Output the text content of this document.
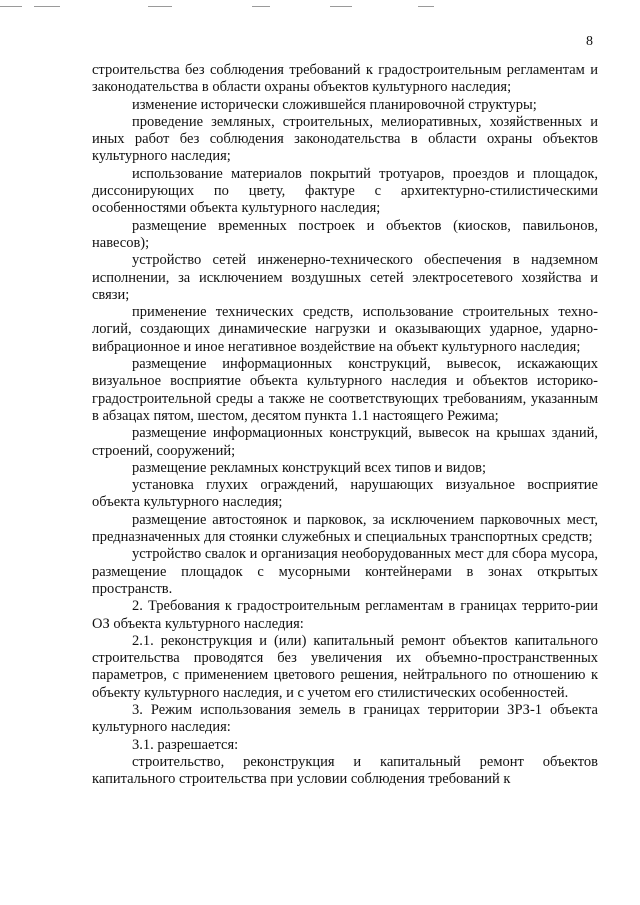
8

строительства без соблюдения требований к градостроительным регламентам и законодательства в области охраны объектов культурного наследия;

изменение исторически сложившейся планировочной структуры;

проведение земляных, строительных, мелиоративных, хозяйственных и иных работ без соблюдения законодательства в области охраны объектов культурного наследия;

использование материалов покрытий тротуаров, проездов и площадок, диссонирующих по цвету, фактуре с архитектурно-стилистическими особенностями объекта культурного наследия;

размещение временных построек и объектов (киосков, павильонов, навесов);

устройство сетей инженерно-технического обеспечения в надземном исполнении, за исключением воздушных сетей электросетевого хозяйства и связи;

применение технических средств, использование строительных техно-логий, создающих динамические нагрузки и оказывающих ударное, ударно-вибрационное и иное негативное воздействие на объект культурного наследия;

размещение информационных конструкций, вывесок, искажающих визуальное восприятие объекта культурного наследия и объектов историко-градостроительной среды а также не соответствующих требованиям, указанным в абзацах пятом, шестом, десятом пункта 1.1 настоящего Режима;

размещение информационных конструкций, вывесок на крышах зданий, строений, сооружений;

размещение рекламных конструкций всех типов и видов;

установка глухих ограждений, нарушающих визуальное восприятие объекта культурного наследия;

размещение автостоянок и парковок, за исключением парковочных мест, предназначенных для стоянки служебных и специальных транспортных средств;

устройство свалок и организация необорудованных мест для сбора мусора, размещение площадок с мусорными контейнерами в зонах открытых пространств.

2. Требования к градостроительным регламентам в границах террито-рии ОЗ объекта культурного наследия:

2.1. реконструкция и (или) капитальный ремонт объектов капитального строительства проводятся без увеличения их объемно-пространственных параметров, с применением цветового решения, нейтрального по отношению к объекту культурного наследия, и с учетом его стилистических особенностей.

3. Режим использования земель в границах территории ЗРЗ-1 объекта культурного наследия:

3.1. разрешается:

строительство, реконструкция и капитальный ремонт объектов капитального строительства при условии соблюдения требований к
